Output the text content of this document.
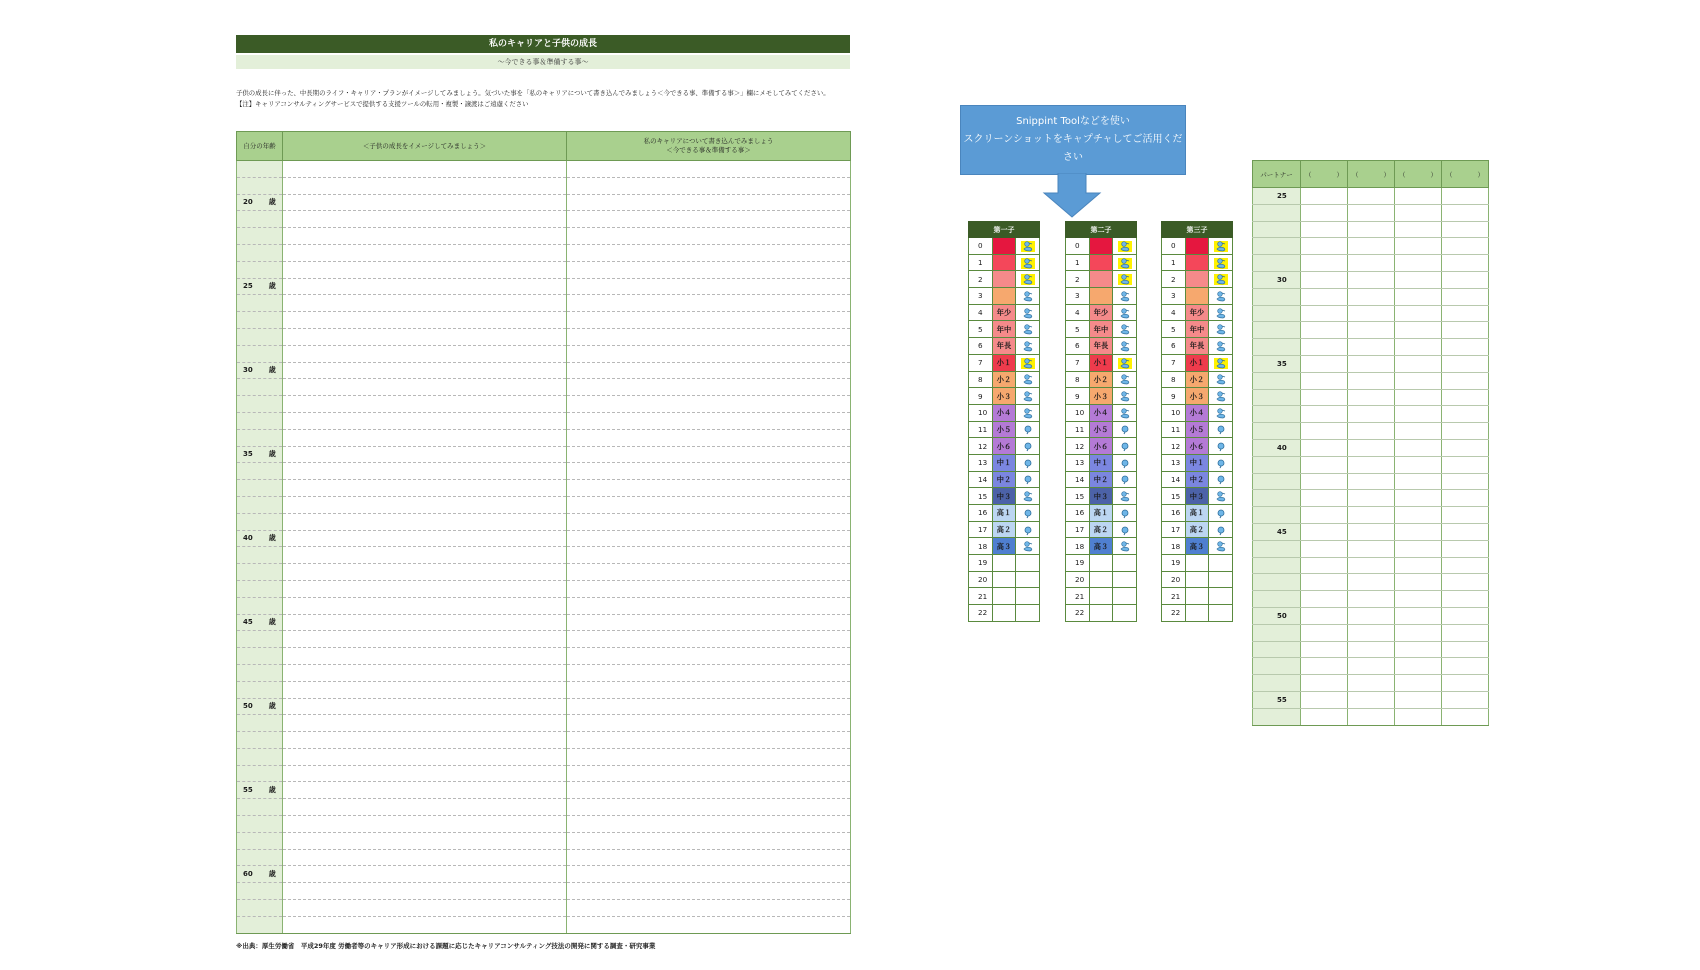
私のキャリアと子供の成長
～今できる事＆準備する事～
子供の成長に伴った、中長期のライフ・キャリア・プランがイメージしてみましょう。気づいた事を「私のキャリアについて書き込んでみましょう＜今できる事、準備する事＞」欄にメモしてみてください。
【注】キャリアコンサルティングサービスで提供する支援ツールの転用・複製・譲渡はご遠慮ください
自分の年齢	＜子供の成長をイメージしてみましょう＞	私のキャリアについて書き込んでみましょう
＜今できる事＆準備する事＞

20 歳		

25 歳		

30 歳		

35 歳		

40 歳		

45 歳		

50 歳		

55 歳		

60 歳		

※出典：厚生労働省　平成29年度 労働者等のキャリア形成における課題に応じたキャリアコンサルティング技法の開発に関する調査・研究事業
Snippint Toolなどを使い
スクリーンショットをキャプチャしてご活用ください
第一子		
0		
1		
2		
3		
4	年少	
5	年中	
6	年長	
7	小１	
8	小２	
9	小３	
10	小４	
11	小５	
12	小６	
13	中１	
14	中２	
15	中３	
16	高１	
17	高２	
18	高３	
19		
20		
21		
22		
第二子		
0		
1		
2		
3		
4	年少	
5	年中	
6	年長	
7	小１	
8	小２	
9	小３	
10	小４	
11	小５	
12	小６	
13	中１	
14	中２	
15	中３	
16	高１	
17	高２	
18	高３	
19		
20		
21		
22		
第三子		
0		
1		
2		
3		
4	年少	
5	年中	
6	年長	
7	小１	
8	小２	
9	小３	
10	小４	
11	小５	
12	小６	
13	中１	
14	中２	
15	中３	
16	高１	
17	高２	
18	高３	
19		
20		
21		
22		
パートナー	（ ）	（ ）	（ ）	（ ）

25				

30				

35				

40				

45				

50				

55				
